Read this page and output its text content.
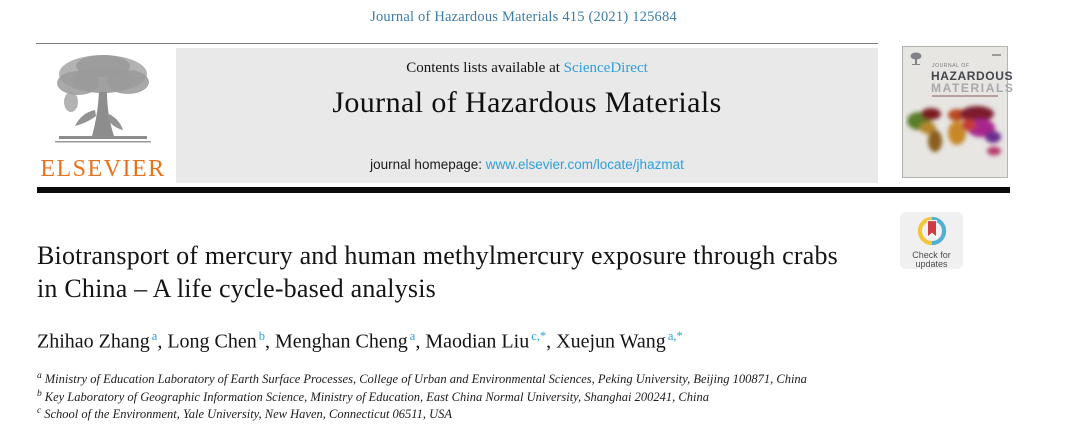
Journal of Hazardous Materials 415 (2021) 125684
ELSEVIER
Contents lists available at ScienceDirect
Journal of Hazardous Materials
journal homepage: www.elsevier.com/locate/jhazmat
JOURNAL OF
HAZARDOUS
MATERIALS
Check for
updates
Biotransport of mercury and human methylmercury exposure through crabs
in China – A life cycle-based analysis
Zhihao Zhang $^a$, Long Chen $^b$, Menghan Cheng $^a$, Maodian Liu $^{c,*}$, Xuejun Wang $^{a,*}$
$^a$ Ministry of Education Laboratory of Earth Surface Processes, College of Urban and Environmental Sciences, Peking University, Beijing 100871, China
$^b$ Key Laboratory of Geographic Information Science, Ministry of Education, East China Normal University, Shanghai 200241, China
$^c$ School of the Environment, Yale University, New Haven, Connecticut 06511, USA
